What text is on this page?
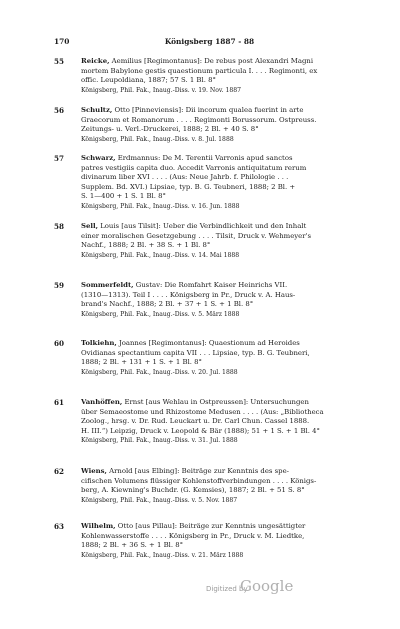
170	Königsberg 1887 - 88
55 Reicke, Aemilius [Regimontanus]: De rebus post Alexandri Magni
mortem Babylone gestis quaestionum particula I. . . . Regimonti, ex
offic. Leupoldiana, 1887; 57 S. 1 Bl. 8°
Königsberg, Phil. Fak., Inaug.-Diss. v. 19. Nov. 1887
56 Schultz, Otto [Pinneviensis]: Dii incorum qualea fuerint in arte
Graecorum et Romanorum . . . . Regimonti Borussorum. Ostpreuss.
Zeitungs- u. Verl.-Druckerei, 1888; 2 Bl. + 40 S. 8°
Königsberg, Phil. Fak., Inaug.-Diss. v. 8. Jul. 1888
57 Schwarz, Erdmannus: De M. Terentii Varronis apud sanctos
patres vestigiis capita duo. Accedit Varronis antiquitatum rerum
divinarum liber XVI . . . . (Aus: Neue Jahrb. f. Philologie . . .
Supplem. Bd. XVI.) Lipsiae, typ. B. G. Teubneri, 1888; 2 Bl. +
S. 1—400 + 1 S. 1 Bl. 8°
Königsberg, Phil. Fak., Inaug.-Diss. v. 16. Jun. 1888
58 Sell, Louis [aus Tilsit]: Ueber die Verbindlichkeit und den Inhalt
einer moralischen Gesetzgebung . . . . Tilsit, Druck v. Wehmeyer's
Nachf., 1888; 2 Bl. + 38 S. + 1 Bl. 8°
Königsberg, Phil. Fak., Inaug.-Diss. v. 14. Mai 1888
59 Sommerfeldt, Gustav: Die Romfahrt Kaiser Heinrichs VII.
(1310—1313). Teil I . . . . Königsberg in Pr., Druck v. A. Haus-
brand's Nachf., 1888; 2 Bl. + 37 + 1 S. + 1 Bl. 8°
Königsberg, Phil. Fak., Inaug.-Diss. v. 5. März 1888
60 Tolkiehn, Joannes [Regimontanus]: Quaestionum ad Heroides
Ovidianas spectantium capita VII . . . Lipsiae, typ. B. G. Teubneri,
1888; 2 Bl. + 131 + 1 S. + 1 Bl. 8°
Königsberg, Phil. Fak., Inaug.-Diss. v. 20. Jul. 1888
61 Vanhöffen, Ernst [aus Wehlau in Ostpreussen]: Untersuchungen
über Semaeostome und Rhizostome Medusen . . . . (Aus: „Bibliotheca
Zoolog., hrsg. v. Dr. Rud. Leuckart u. Dr. Carl Chun. Cassel 1888.
H. III.“) Leipzig, Druck v. Leopold & Bär (1888); 51 + 1 S. + 1 Bl. 4°
Königsberg, Phil. Fak., Inaug.-Diss. v. 31. Jul. 1888
62 Wiens, Arnold [aus Elbing]: Beiträge zur Kenntnis des spe-
cifischen Volumens flüssiger Kohlenstoffverbindungen . . . . Königs-
berg, A. Kiewning's Buchdr. (G. Kemsies), 1887; 2 Bl. + 51 S. 8°
Königsberg, Phil. Fak., Inaug.-Diss. v. 5. Nov. 1887
63 Wilhelm, Otto [aus Pillau]: Beiträge zur Kenntnis ungesättigter
Kohlenwasserstoffe . . . . Königsberg in Pr., Druck v. M. Liedtke,
1888; 2 Bl. + 36 S. + 1 Bl. 8°
Königsberg, Phil. Fak., Inaug.-Diss. v. 21. März 1888
Digitized by
Google
